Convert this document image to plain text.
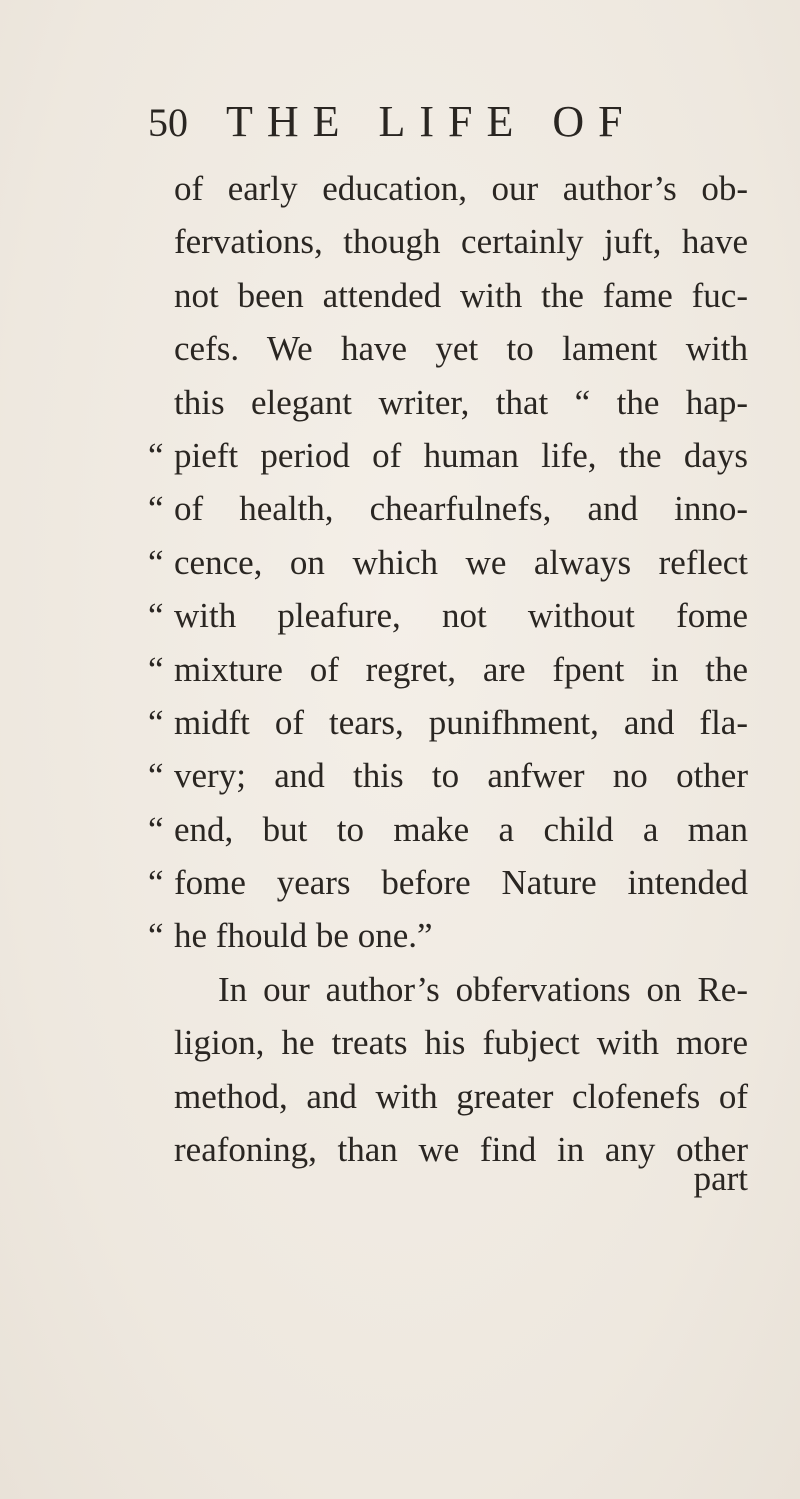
50 THE LIFE OF
of early education, our author’s ob-
fervations, though certainly juft, have
not been attended with the fame fuc-
cefs. We have yet to lament with
this elegant writer, that “ the hap-
“ pieft period of human life, the days
“ of health, chearfulnefs, and inno-
“ cence, on which we always reflect
“ with pleafure, not without fome
“ mixture of regret, are fpent in the
“ midft of tears, punifhment, and fla-
“ very; and this to anfwer no other
“ end, but to make a child a man
“ fome years before Nature intended
“ he fhould be one.”
In our author’s obfervations on Re-
ligion, he treats his fubject with more
method, and with greater clofenefs of
reafoning, than we find in any other
part
